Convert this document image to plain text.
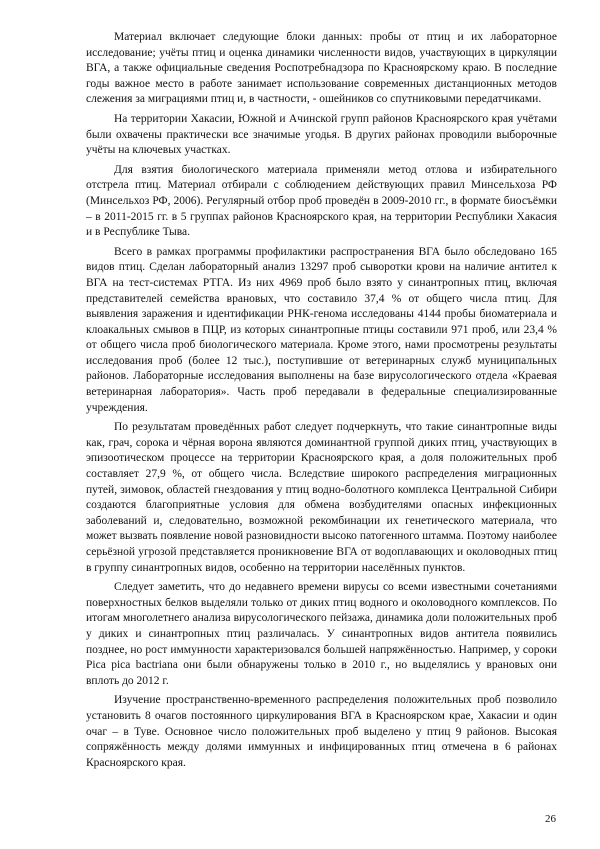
Материал включает следующие блоки данных: пробы от птиц и их лабораторное исследование; учёты птиц и оценка динамики численности видов, участвующих в циркуляции ВГА, а также официальные сведения Роспотребнадзора по Красноярскому краю. В последние годы важное место в работе занимает использование современных дистанционных методов слежения за миграциями птиц и, в частности, - ошейников со спутниковыми передатчиками.

На территории Хакасии, Южной и Ачинской групп районов Красноярского края учётами были охвачены практически все значимые угодья. В других районах проводили выборочные учёты на ключевых участках.

Для взятия биологического материала применяли метод отлова и избирательного отстрела птиц. Материал отбирали с соблюдением действующих правил Минсельхоза РФ (Минсельхоз РФ, 2006). Регулярный отбор проб проведён в 2009-2010 гг., в формате биосъёмки – в 2011-2015 гг. в 5 группах районов Красноярского края, на территории Республики Хакасия и в Республике Тыва.

Всего в рамках программы профилактики распространения ВГА было обследовано 165 видов птиц. Сделан лабораторный анализ 13297 проб сыворотки крови на наличие антител к ВГА на тест-системах РТГА. Из них 4969 проб было взято у синантропных птиц, включая представителей семейства врановых, что составило 37,4 % от общего числа птиц. Для выявления заражения и идентификации РНК-генома исследованы 4144 пробы биоматериала и клоакальных смывов в ПЦР, из которых синантропные птицы составили 971 проб, или 23,4 % от общего числа проб биологического материала. Кроме этого, нами просмотрены результаты исследования проб (более 12 тыс.), поступившие от ветеринарных служб муниципальных районов. Лабораторные исследования выполнены на базе вирусологического отдела «Краевая ветеринарная лаборатория». Часть проб передавали в федеральные специализированные учреждения.

По результатам проведённых работ следует подчеркнуть, что такие синантропные виды как, грач, сорока и чёрная ворона являются доминантной группой диких птиц, участвующих в эпизоотическом процессе на территории Красноярского края, а доля положительных проб составляет 27,9 %, от общего числа. Вследствие широкого распределения миграционных путей, зимовок, областей гнездования у птиц водно-болотного комплекса Центральной Сибири создаются благоприятные условия для обмена возбудителями опасных инфекционных заболеваний и, следовательно, возможной рекомбинации их генетического материала, что может вызвать появление новой разновидности высоко патогенного штамма. Поэтому наиболее серьёзной угрозой представляется проникновение ВГА от водоплавающих и околоводных птиц в группу синантропных видов, особенно на территории населённых пунктов.

Следует заметить, что до недавнего времени вирусы со всеми известными сочетаниями поверхностных белков выделяли только от диких птиц водного и околоводного комплексов. По итогам многолетнего анализа вирусологического пейзажа, динамика доли положительных проб у диких и синантропных птиц различалась. У синантропных видов антитела появились позднее, но рост иммунности характеризовался большей напряжённостью. Например, у сороки Pica pica bactriana они были обнаружены только в 2010 г., но выделялись у врановых они вплоть до 2012 г.

Изучение пространственно-временного распределения положительных проб позволило установить 8 очагов постоянного циркулирования ВГА в Красноярском крае, Хакасии и один очаг – в Туве. Основное число положительных проб выделено у птиц 9 районов. Высокая сопряжённость между долями иммунных и инфицированных птиц отмечена в 6 районах Красноярского края.

26
